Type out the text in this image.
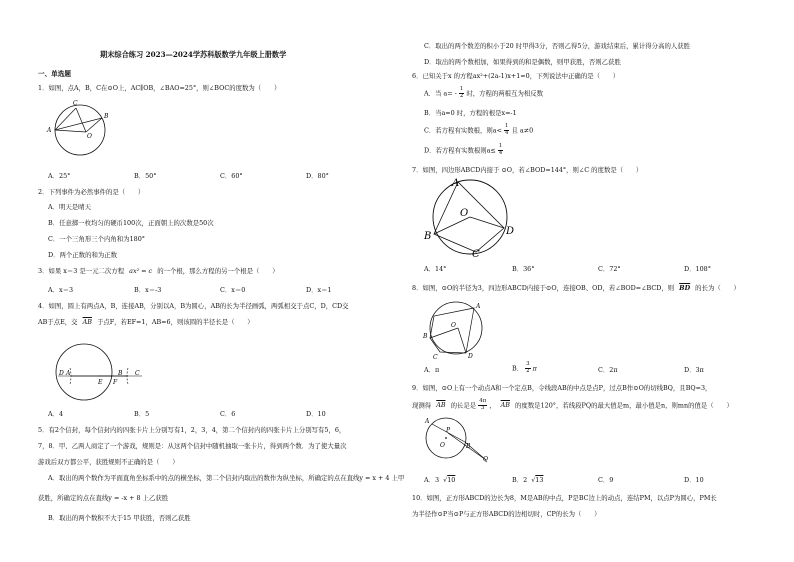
期末综合练习 2023—2024学苏科版数学九年级上册数学
一、单选题
1．如图，点A，B，C在⊙O上，AC∥OB，∠BAO=25°，则∠BOC的度数为（　　）
C
A
O
B
A．25°	B．50°	C．60°	D．80°
2．下列事件为必然事件的是（　　）
A．明天是晴天
B．任意掷一枚均匀的硬币100次，正面朝上的次数是50次
C．一个三角形三个内角和为180°
D．两个正数的和为正数
3．如果 x＝3 是一元二次方程 ax² = c 的一个根，那么方程的另一个根是（　　）
A．x＝3	B．x＝-3	C．x＝0	D．x＝1
4．如图，圆上有两点A，B，连接AB，分别以A，B为圆心，AB的长为半径画弧，两弧相交于点C，D，CD交
AB于点E，交 $\overline{AB}$ 于点F，若EF=1，AB=6，则该圆的半径长是（　　）
D A
E F
B C
A．4	B．5	C．6	D．10
5．有2个信封，每个信封内的四张卡片上分别写有1，2，3，4，第二个信封内的四张卡片上分别写有5，6，
7，8．甲、乙两人商定了一个游戏，规则是：从这两个信封中随机抽取一张卡片，得到两个数．为了使大量次
游戏后双方都公平，获胜规则不正确的是（　　）
A．取出的两个数作为平面直角坐标系中的点的横坐标，第二个信封内取出的数作为纵坐标，所确定的点在直线y = x + 4 上甲
获胜，所确定的点在直线y = -x + 8 上乙获胜
B．取出的两个数积不大于15 甲获胜，否则乙获胜
C．取出的两个数差的积小于20 时甲得3分，否则乙得5分，游戏结束后，累计得分高的人获胜
D．取出的两个数相加，如果得到的和是偶数，则甲获胜，否则乙获胜
6．已知关于x 的方程ax²+(2a-1)x+1=0，下列说法中正确的是（　　）
A．当 $a= - \frac{1}{2}$ 时，方程的两根互为相反数
B．当a=0 时，方程的根是x=-1
C．若方程有实数根，则$a< \frac{1}{4}$ 且 a≠0
D．若方程有实数根则$a\le \frac{1}{4}$
7．如图，四边形ABCD内接于 ⊙O，若∠BOD=144°，则∠C 的度数是（　　）
A
O
B	D
C
A．14°	B．36°	C．72°	D．108°
8．如图，⊙O的半径为3，四边形ABCD内接于⊙O，连接OB、OD，若∠BOD=∠BCD，则 $\overline{BD}$ 的长为（　　）
A
O
B
C	D
A．π	B． $\frac{3}{2}$ π	C．2π	D．3π
9．如图，⊙O上有一个动点A和一个定点B，令线段AB的中点是点P，过点B作⊙O的切线BQ，且BQ=3，
现测得 $\overline{AB}$ 的长是是 $\frac{4\pi}{3}$ ， $\overline{AB}$ 的度数是120°，若线段PQ的最大值是m，最小值是n，则mn的值是（　　）
A
P
O	B
Q
A．3 √10	B．2 √13	C．9	D．10
10．如图，正方形ABCD的边长为8，M是AB的中点，P是BC边上的动点，连结PM，以点P为圆心，PM长
为半径作⊙P当⊙P与正方形ABCD的边相切时，CP的长为（　　）
